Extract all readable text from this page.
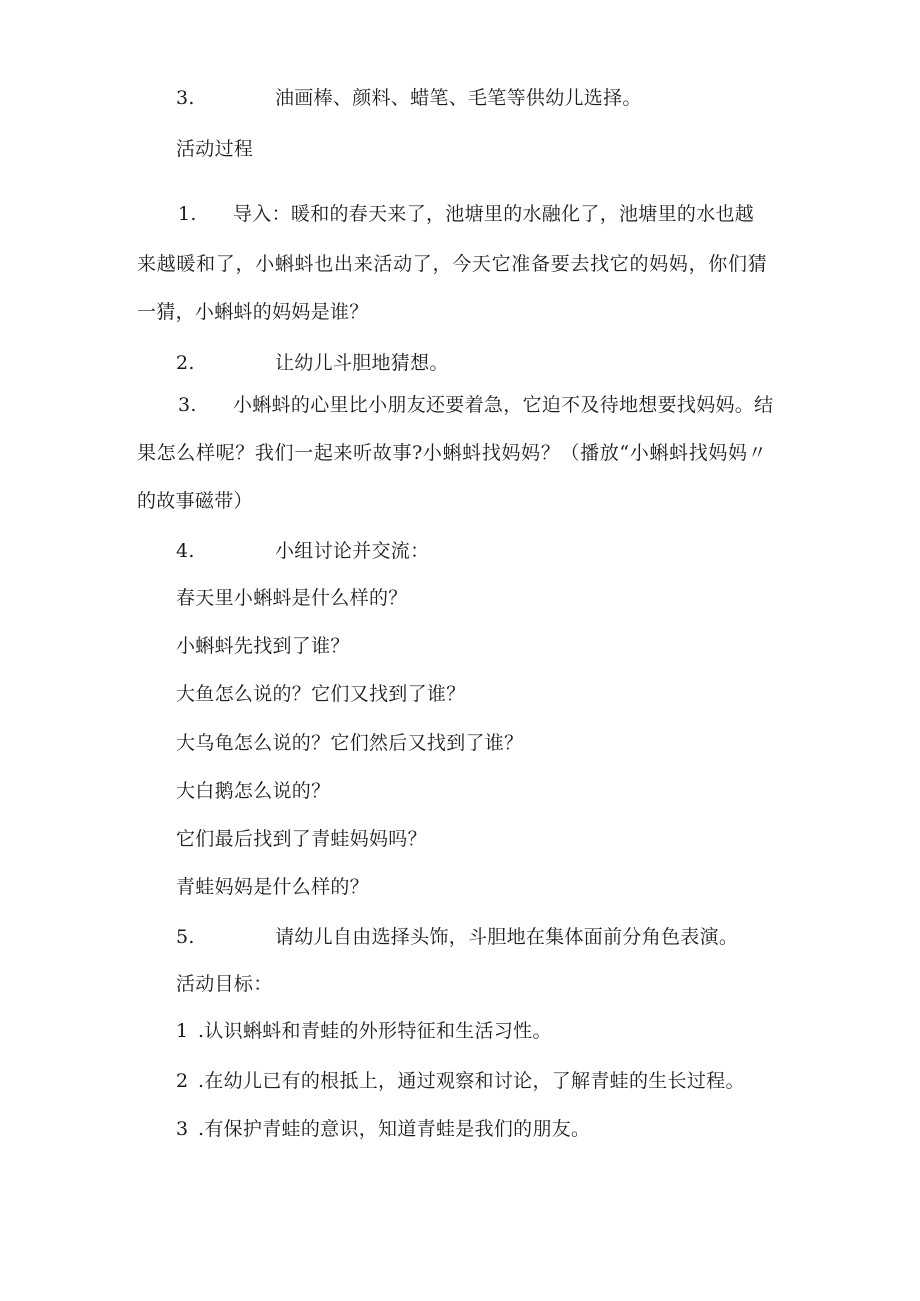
3.	油画棒、颜料、蜡笔、毛笔等供幼儿选择。
活动过程
1. 导入：暖和的春天来了，池塘里的水融化了，池塘里的水也越
来越暖和了，小蝌蚪也出来活动了，今天它准备要去找它的妈妈，你们猜
一猜，小蝌蚪的妈妈是谁？
2.	让幼儿斗胆地猜想。
3. 小蝌蚪的心里比小朋友还要着急，它迫不及待地想要找妈妈。结
果怎么样呢？我们一起来听故事?小蝌蚪找妈妈？（播放“小蝌蚪找妈妈〃
的故事磁带）
4.	小组讨论并交流：
春天里小蝌蚪是什么样的？
小蝌蚪先找到了谁？
大鱼怎么说的？它们又找到了谁？
大乌龟怎么说的？它们然后又找到了谁？
大白鹅怎么说的？
它们最后找到了青蛙妈妈吗？
青蛙妈妈是什么样的？
5.	请幼儿自由选择头饰，斗胆地在集体面前分角色表演。
活动目标：
1 .认识蝌蚪和青蛙的外形特征和生活习性。
2 .在幼儿已有的根抵上，通过观察和讨论，了解青蛙的生长过程。
3 .有保护青蛙的意识，知道青蛙是我们的朋友。
